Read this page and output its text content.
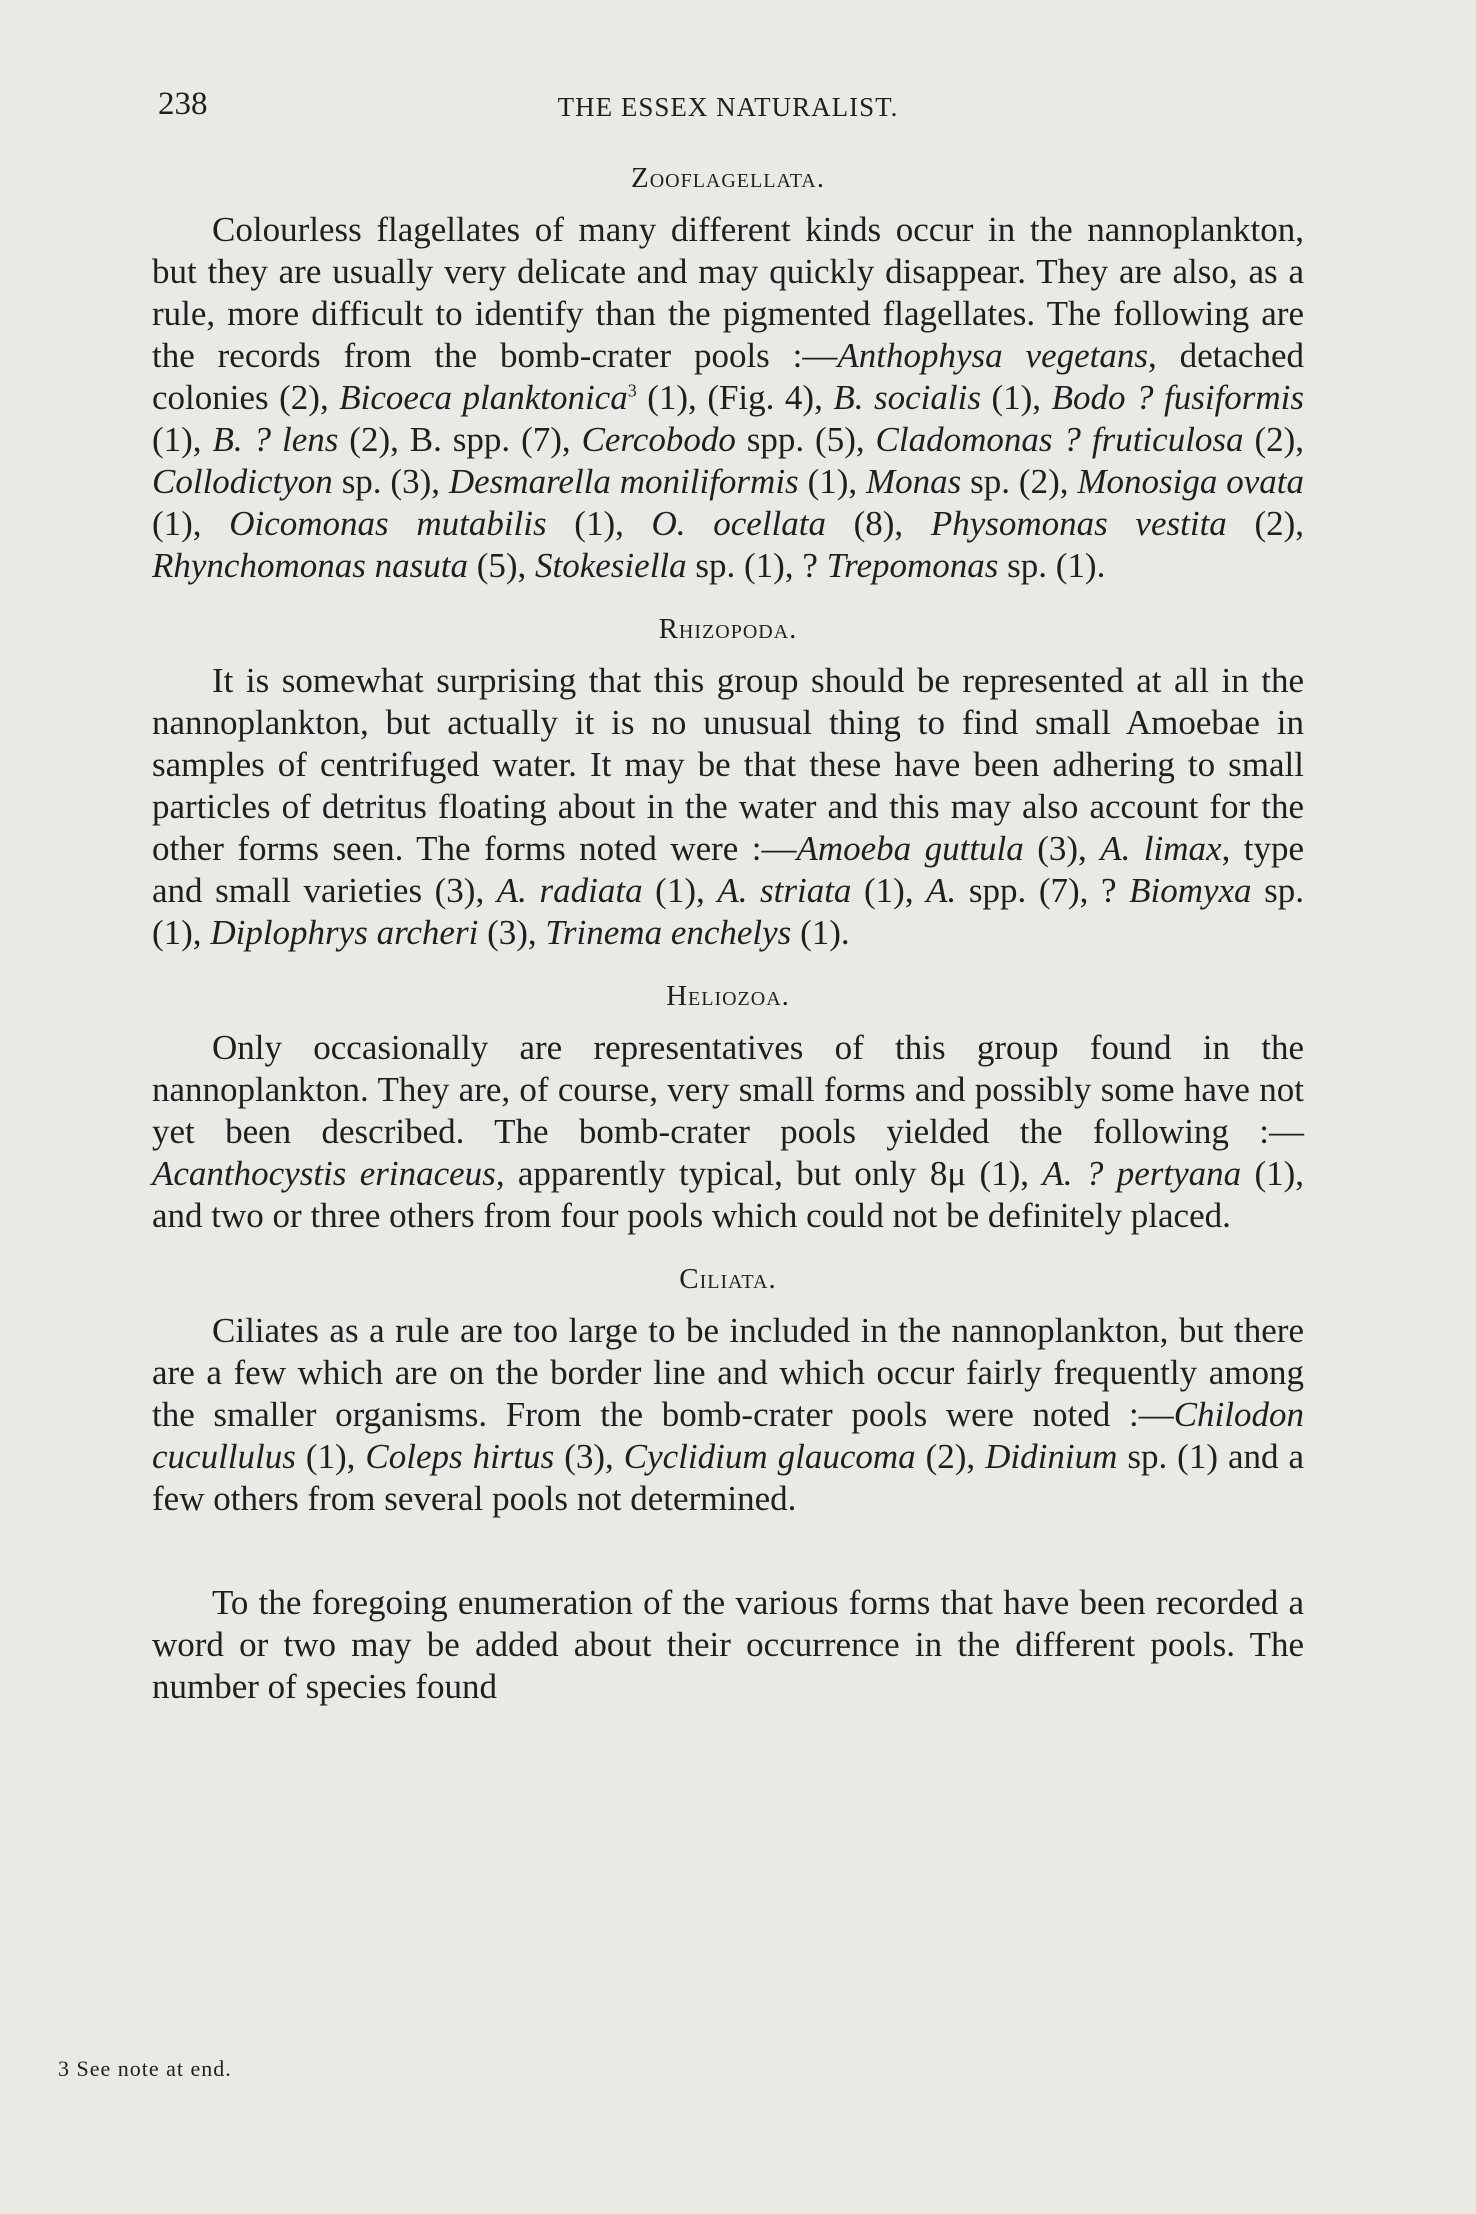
238	THE ESSEX NATURALIST.
Zooflagellata.

Colourless flagellates of many different kinds occur in the nannoplankton, but they are usually very delicate and may quickly disappear. They are also, as a rule, more difficult to identify than the pigmented flagellates. The following are the records from the bomb-crater pools :—Anthophysa vegetans, detached colonies (2), Bicoeca planktonica$^3$ (1), (Fig. 4), B. socialis (1), Bodo ? fusiformis (1), B. ? lens (2), B. spp. (7), Cercobodo spp. (5), Cladomonas ? fruticulosa (2), Collodictyon sp. (3), Desmarella moniliformis (1), Monas sp. (2), Monosiga ovata (1), Oicomonas mutabilis (1), O. ocellata (8), Physomonas vestita (2), Rhynchomonas nasuta (5), Stokesiella sp. (1), ? Trepomonas sp. (1).

Rhizopoda.

It is somewhat surprising that this group should be represented at all in the nannoplankton, but actually it is no unusual thing to find small Amoebae in samples of centrifuged water. It may be that these have been adhering to small particles of detritus floating about in the water and this may also account for the other forms seen. The forms noted were :—Amoeba guttula (3), A. limax, type and small varieties (3), A. radiata (1), A. striata (1), A. spp. (7), ? Biomyxa sp. (1), Diplophrys archeri (3), Trinema enchelys (1).

Heliozoa.

Only occasionally are representatives of this group found in the nannoplankton. They are, of course, very small forms and possibly some have not yet been described. The bomb-crater pools yielded the following :—Acanthocystis erinaceus, apparently typical, but only 8μ (1), A. ? pertyana (1), and two or three others from four pools which could not be definitely placed.

Ciliata.

Ciliates as a rule are too large to be included in the nannoplankton, but there are a few which are on the border line and which occur fairly frequently among the smaller organisms. From the bomb-crater pools were noted :—Chilodon cucullulus (1), Coleps hirtus (3), Cyclidium glaucoma (2), Didinium sp. (1) and a few others from several pools not determined.

To the foregoing enumeration of the various forms that have been recorded a word or two may be added about their occurrence in the different pools. The number of species found

3 See note at end.
